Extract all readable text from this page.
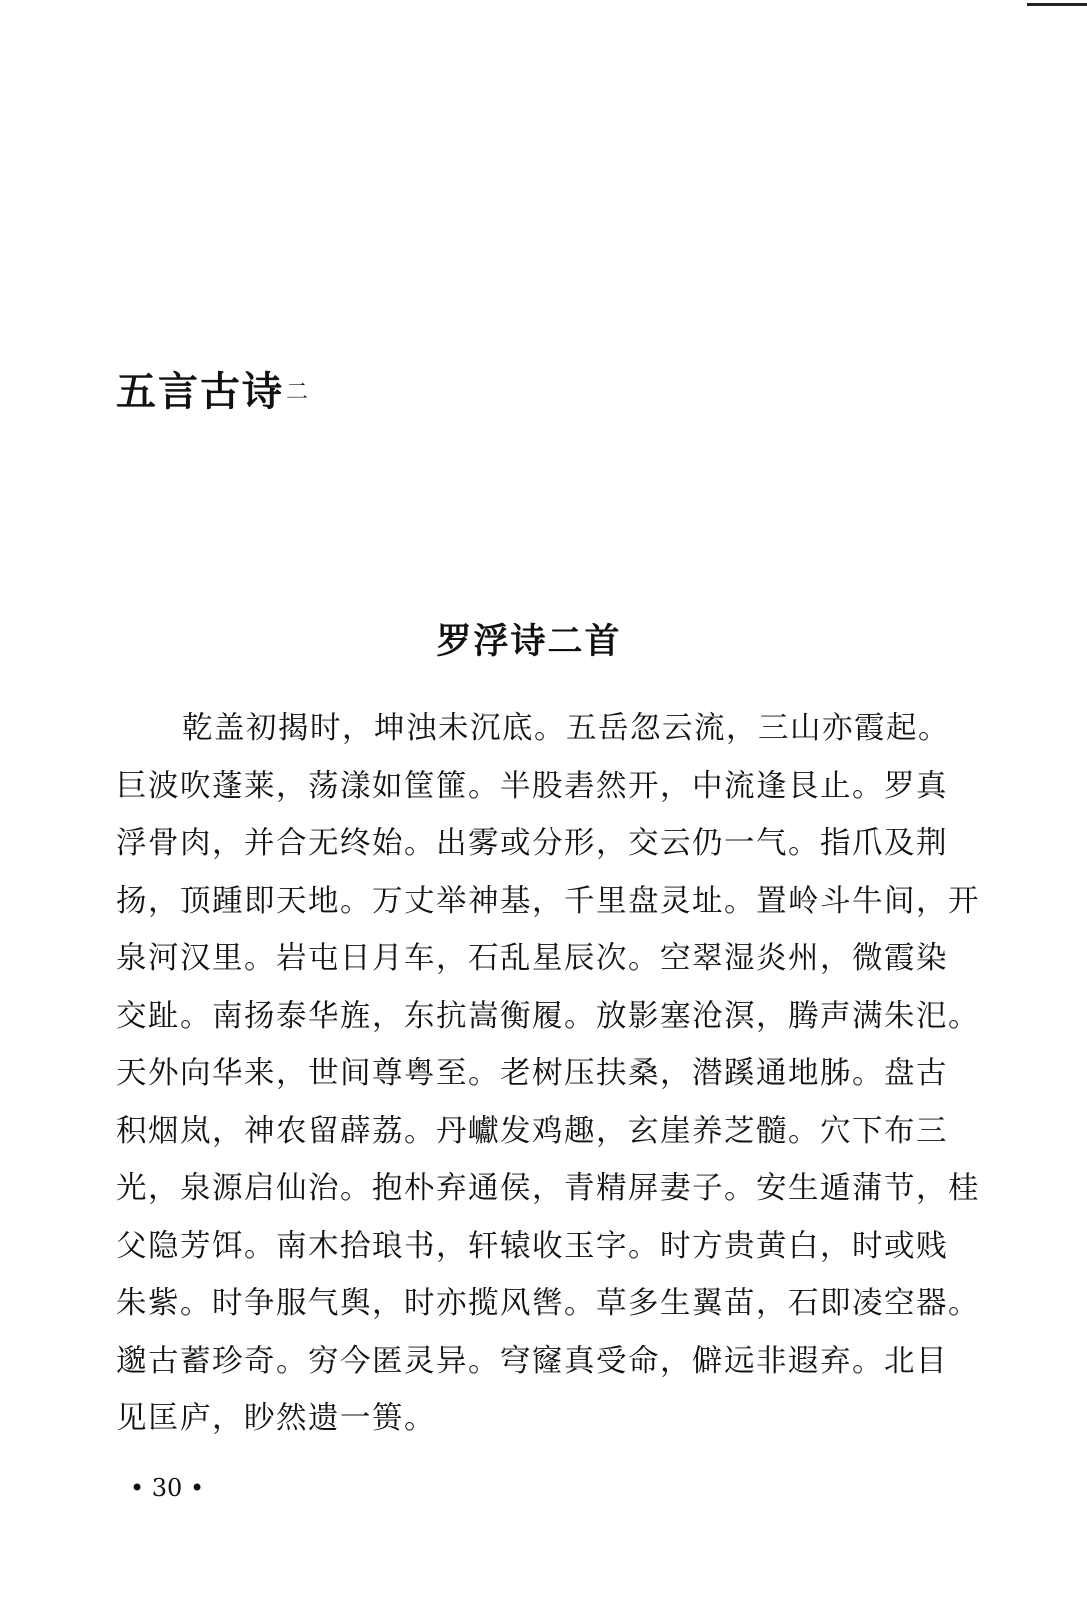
五言古诗二
罗浮诗二首
乾盖初揭时，坤浊未沉底。五岳忽云流，三山亦霞起。
巨波吹蓬莱，荡漾如筐篚。半股砉然开，中流逢艮止。罗真
浮骨肉，并合无终始。出雾或分形，交云仍一气。指爪及荆
扬，顶踵即天地。万丈举神基，千里盘灵址。置岭斗牛间，开
泉河汉里。岩屯日月车，石乱星辰次。空翠湿炎州，微霞染
交趾。南扬泰华旌，东抗嵩衡履。放影塞沧溟，腾声满朱汜。
天外向华来，世间尊粤至。老树压扶桑，潜蹊通地胏。盘古
积烟岚，神农留薜荔。丹巘发鸡趣，玄崖养芝髓。穴下布三
光，泉源启仙治。抱朴弃通侯，青精屏妻子。安生遁蒲节，桂
父隐芳饵。南木拾琅书，轩辕收玉字。时方贵黄白，时或贱
朱紫。时争服气舆，时亦揽风辔。草多生翼苗，石即凌空器。
邈古蓄珍奇。穷今匿灵异。穹窿真受命，僻远非遐弃。北目
见匡庐，眇然遗一篑。
• 30 •
